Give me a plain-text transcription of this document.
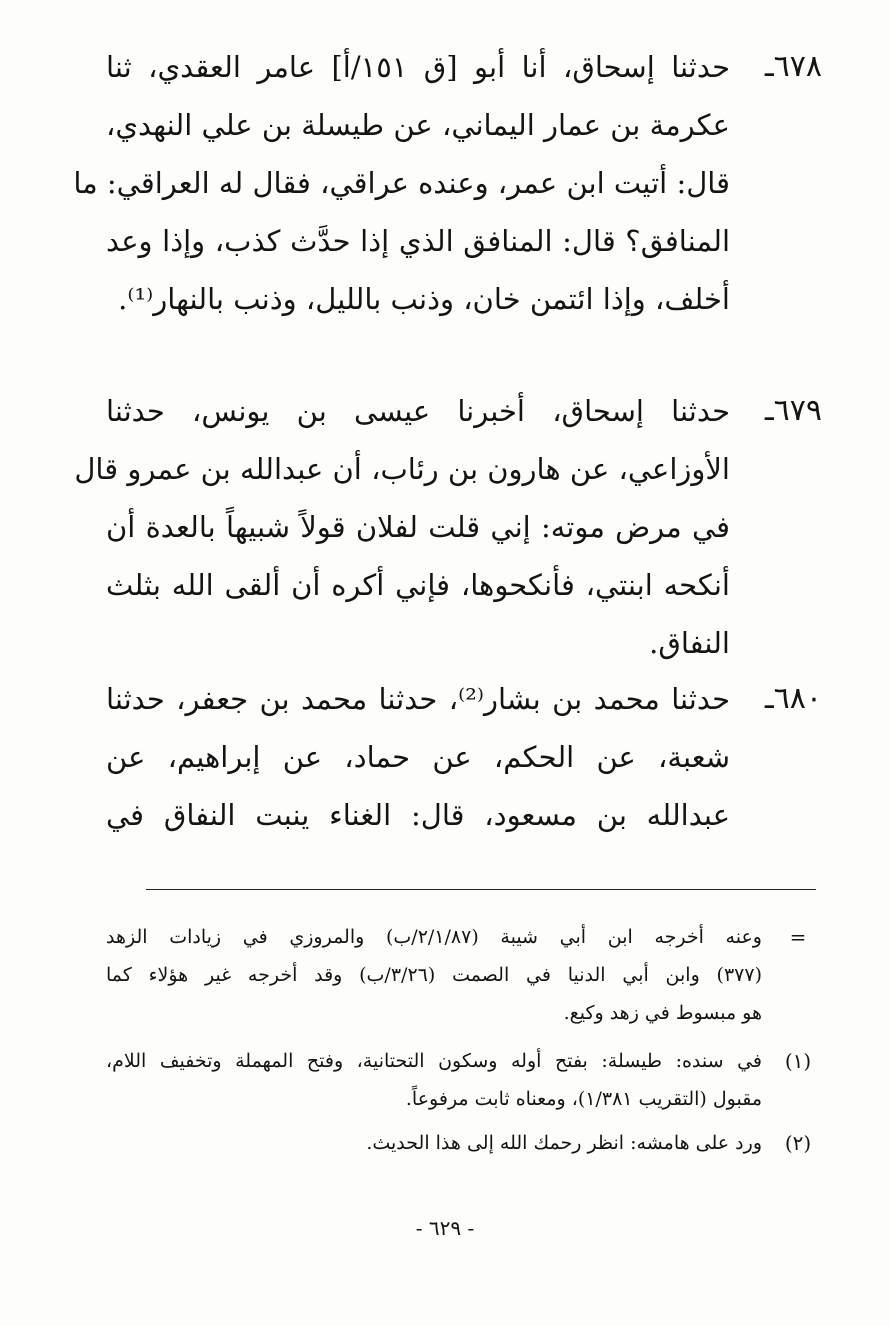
٦٧٨ـ
حدثنا إسحاق، أنا أبو [ق ١٥١/أ] عامر العقدي، ثنا
عكرمة بن عمار اليماني، عن طيسلة بن علي النهدي،
قال: أتيت ابن عمر، وعنده عراقي، فقال له العراقي: ما
المنافق؟ قال: المنافق الذي إذا حدَّث كذب، وإذا وعد
أخلف، وإذا ائتمن خان، وذنب بالليل، وذنب بالنهار⁽¹⁾.
٦٧٩ـ
حدثنا إسحاق، أخبرنا عيسى بن يونس، حدثنا
الأوزاعي، عن هارون بن رئاب، أن عبدالله بن عمرو قال
في مرض موته: إني قلت لفلان قولاً شبيهاً بالعدة أن
أنكحه ابنتي، فأنكحوها، فإني أكره أن ألقى الله بثلث
النفاق.
٦٨٠ـ
حدثنا محمد بن بشار⁽²⁾، حدثنا محمد بن جعفر، حدثنا
شعبة، عن الحكم، عن حماد، عن إبراهيم، عن
عبدالله بن مسعود، قال: الغناء ينبت النفاق في
=
وعنه أخرجه ابن أبي شيبة (٢/١/٨٧/ب) والمروزي في زيادات الزهد
(٣٧٧) وابن أبي الدنيا في الصمت (٣/٢٦/ب) وقد أخرجه غير هؤلاء كما
هو مبسوط في زهد وكيع.
(١)
في سنده: طيسلة: بفتح أوله وسكون التحتانية، وفتح المهملة وتخفيف اللام،
مقبول (التقريب ١/٣٨١)، ومعناه ثابت مرفوعاً.
(٢)
ورد على هامشه: انظر رحمك الله إلى هذا الحديث.
- ٦٢٩ -
